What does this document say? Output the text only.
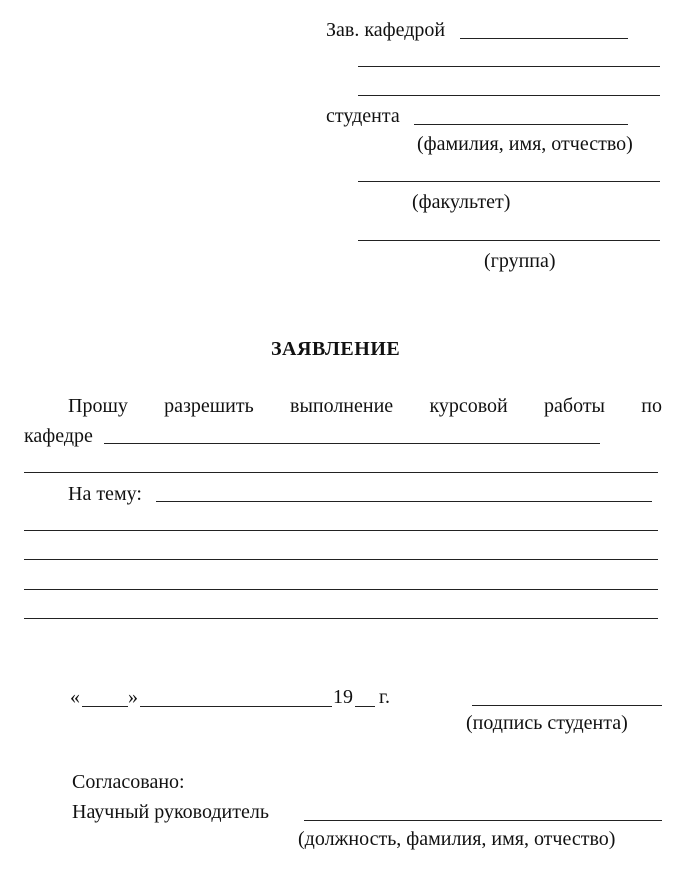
Зав. кафедрой
студента
(фамилия, имя, отчество)
(факультет)
(группа)
ЗАЯВЛЕНИЕ
Прошу разрешить выполнение курсовой работы по
кафедре
На тему:
« »	19 г.
(подпись студента)
Согласовано:
Научный руководитель
(должность, фамилия, имя, отчество)
